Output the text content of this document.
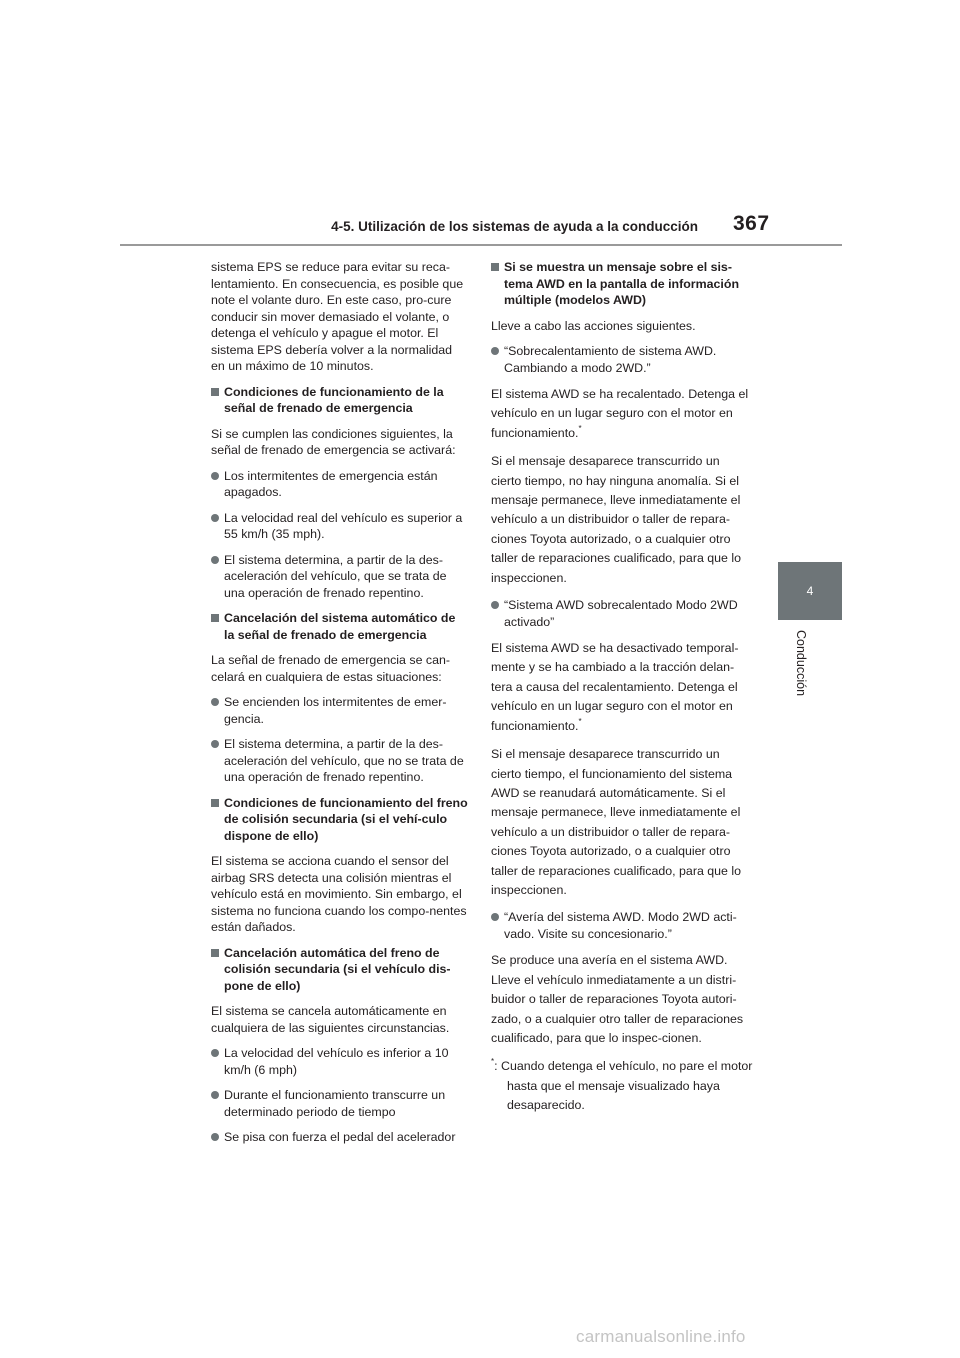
4-5. Utilización de los sistemas de ayuda a la conducción 367
4
Conducción

sistema EPS se reduce para evitar su reca-lentamiento. En consecuencia, es posible que note el volante duro. En este caso, pro-cure conducir sin mover demasiado el volante, o detenga el vehículo y apague el motor. El sistema EPS debería volver a la normalidad en un máximo de 10 minutos.

Condiciones de funcionamiento de la señal de frenado de emergencia

Si se cumplen las condiciones siguientes, la señal de frenado de emergencia se activará:

Los intermitentes de emergencia están apagados.

La velocidad real del vehículo es superior a 55 km/h (35 mph).

El sistema determina, a partir de la des-aceleración del vehículo, que se trata de una operación de frenado repentino.

Cancelación del sistema automático de la señal de frenado de emergencia

La señal de frenado de emergencia se can-celará en cualquiera de estas situaciones:

Se encienden los intermitentes de emer-gencia.

El sistema determina, a partir de la des-aceleración del vehículo, que no se trata de una operación de frenado repentino.

Condiciones de funcionamiento del freno de colisión secundaria (si el vehí-culo dispone de ello)

El sistema se acciona cuando el sensor del airbag SRS detecta una colisión mientras el vehículo está en movimiento. Sin embargo, el sistema no funciona cuando los compo-nentes están dañados.

Cancelación automática del freno de colisión secundaria (si el vehículo dis-pone de ello)

El sistema se cancela automáticamente en cualquiera de las siguientes circunstancias.

La velocidad del vehículo es inferior a 10 km/h (6 mph)

Durante el funcionamiento transcurre un determinado periodo de tiempo

Se pisa con fuerza el pedal del acelerador

Si se muestra un mensaje sobre el sis-tema AWD en la pantalla de información múltiple (modelos AWD)

Lleve a cabo las acciones siguientes.

“Sobrecalentamiento de sistema AWD. Cambiando a modo 2WD.”

El sistema AWD se ha recalentado. Detenga el vehículo en un lugar seguro con el motor en funcionamiento.*

Si el mensaje desaparece transcurrido un cierto tiempo, no hay ninguna anomalía. Si el mensaje permanece, lleve inmediatamente el vehículo a un distribuidor o taller de repara-ciones Toyota autorizado, o a cualquier otro taller de reparaciones cualificado, para que lo inspeccionen.

“Sistema AWD sobrecalentado Modo 2WD activado”

El sistema AWD se ha desactivado temporal-mente y se ha cambiado a la tracción delan-tera a causa del recalentamiento. Detenga el vehículo en un lugar seguro con el motor en funcionamiento.*

Si el mensaje desaparece transcurrido un cierto tiempo, el funcionamiento del sistema AWD se reanudará automáticamente. Si el mensaje permanece, lleve inmediatamente el vehículo a un distribuidor o taller de repara-ciones Toyota autorizado, o a cualquier otro taller de reparaciones cualificado, para que lo inspeccionen.

“Avería del sistema AWD. Modo 2WD acti-vado. Visite su concesionario.”

Se produce una avería en el sistema AWD. Lleve el vehículo inmediatamente a un distri-buidor o taller de reparaciones Toyota autori-zado, o a cualquier otro taller de reparaciones cualificado, para que lo inspec-cionen.

*: Cuando detenga el vehículo, no pare el motor hasta que el mensaje visualizado haya desaparecido.

carmanualsonline.info
